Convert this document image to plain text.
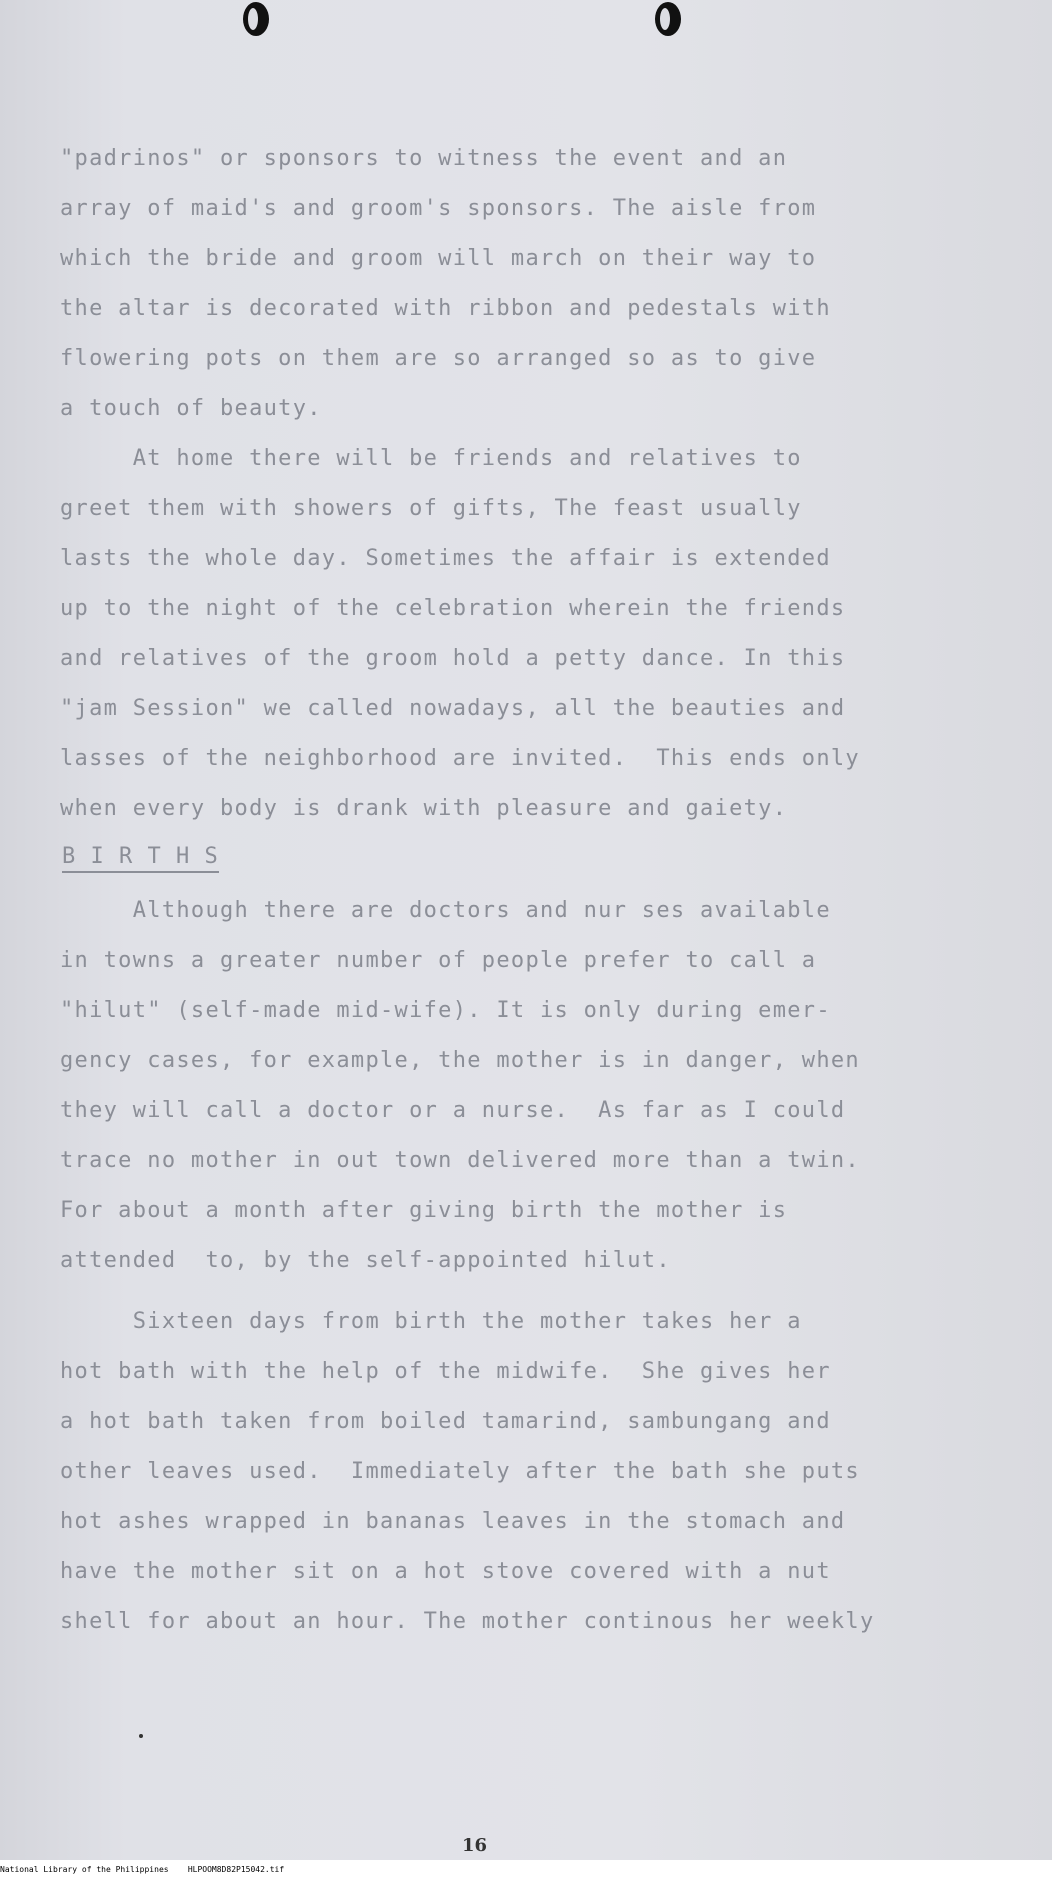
"padrinos" or sponsors to witness the event and an

array of maid's and groom's sponsors. The aisle from

which the bride and groom will march on their way to

the altar is decorated with ribbon and pedestals with

flowering pots on them are so arranged so as to give

a touch of beauty.

At home there will be friends and relatives to

greet them with showers of gifts, The feast usually

lasts the whole day. Sometimes the affair is extended

up to the night of the celebration wherein the friends

and relatives of the groom hold a petty dance. In this

"jam Session" we called nowadays, all the beauties and

lasses of the neighborhood are invited.  This ends only

when every body is drank with pleasure and gaiety.

B I R T H S

Although there are doctors and nur ses available

in towns a greater number of people prefer to call a

"hilut" (self-made mid-wife). It is only during emer-

gency cases, for example, the mother is in danger, when

they will call a doctor or a nurse.  As far as I could

trace no mother in out town delivered more than a twin.

For about a month after giving birth the mother is

attended  to, by the self-appointed hilut.

Sixteen days from birth the mother takes her a

hot bath with the help of the midwife.  She gives her

a hot bath taken from boiled tamarind, sambungang and

other leaves used.  Immediately after the bath she puts

hot ashes wrapped in bananas leaves in the stomach and

have the mother sit on a hot stove covered with a nut

shell for about an hour. The mother continous her weekly

16
National Library of the Philippines    HLPOOM8D82P15042.tif
